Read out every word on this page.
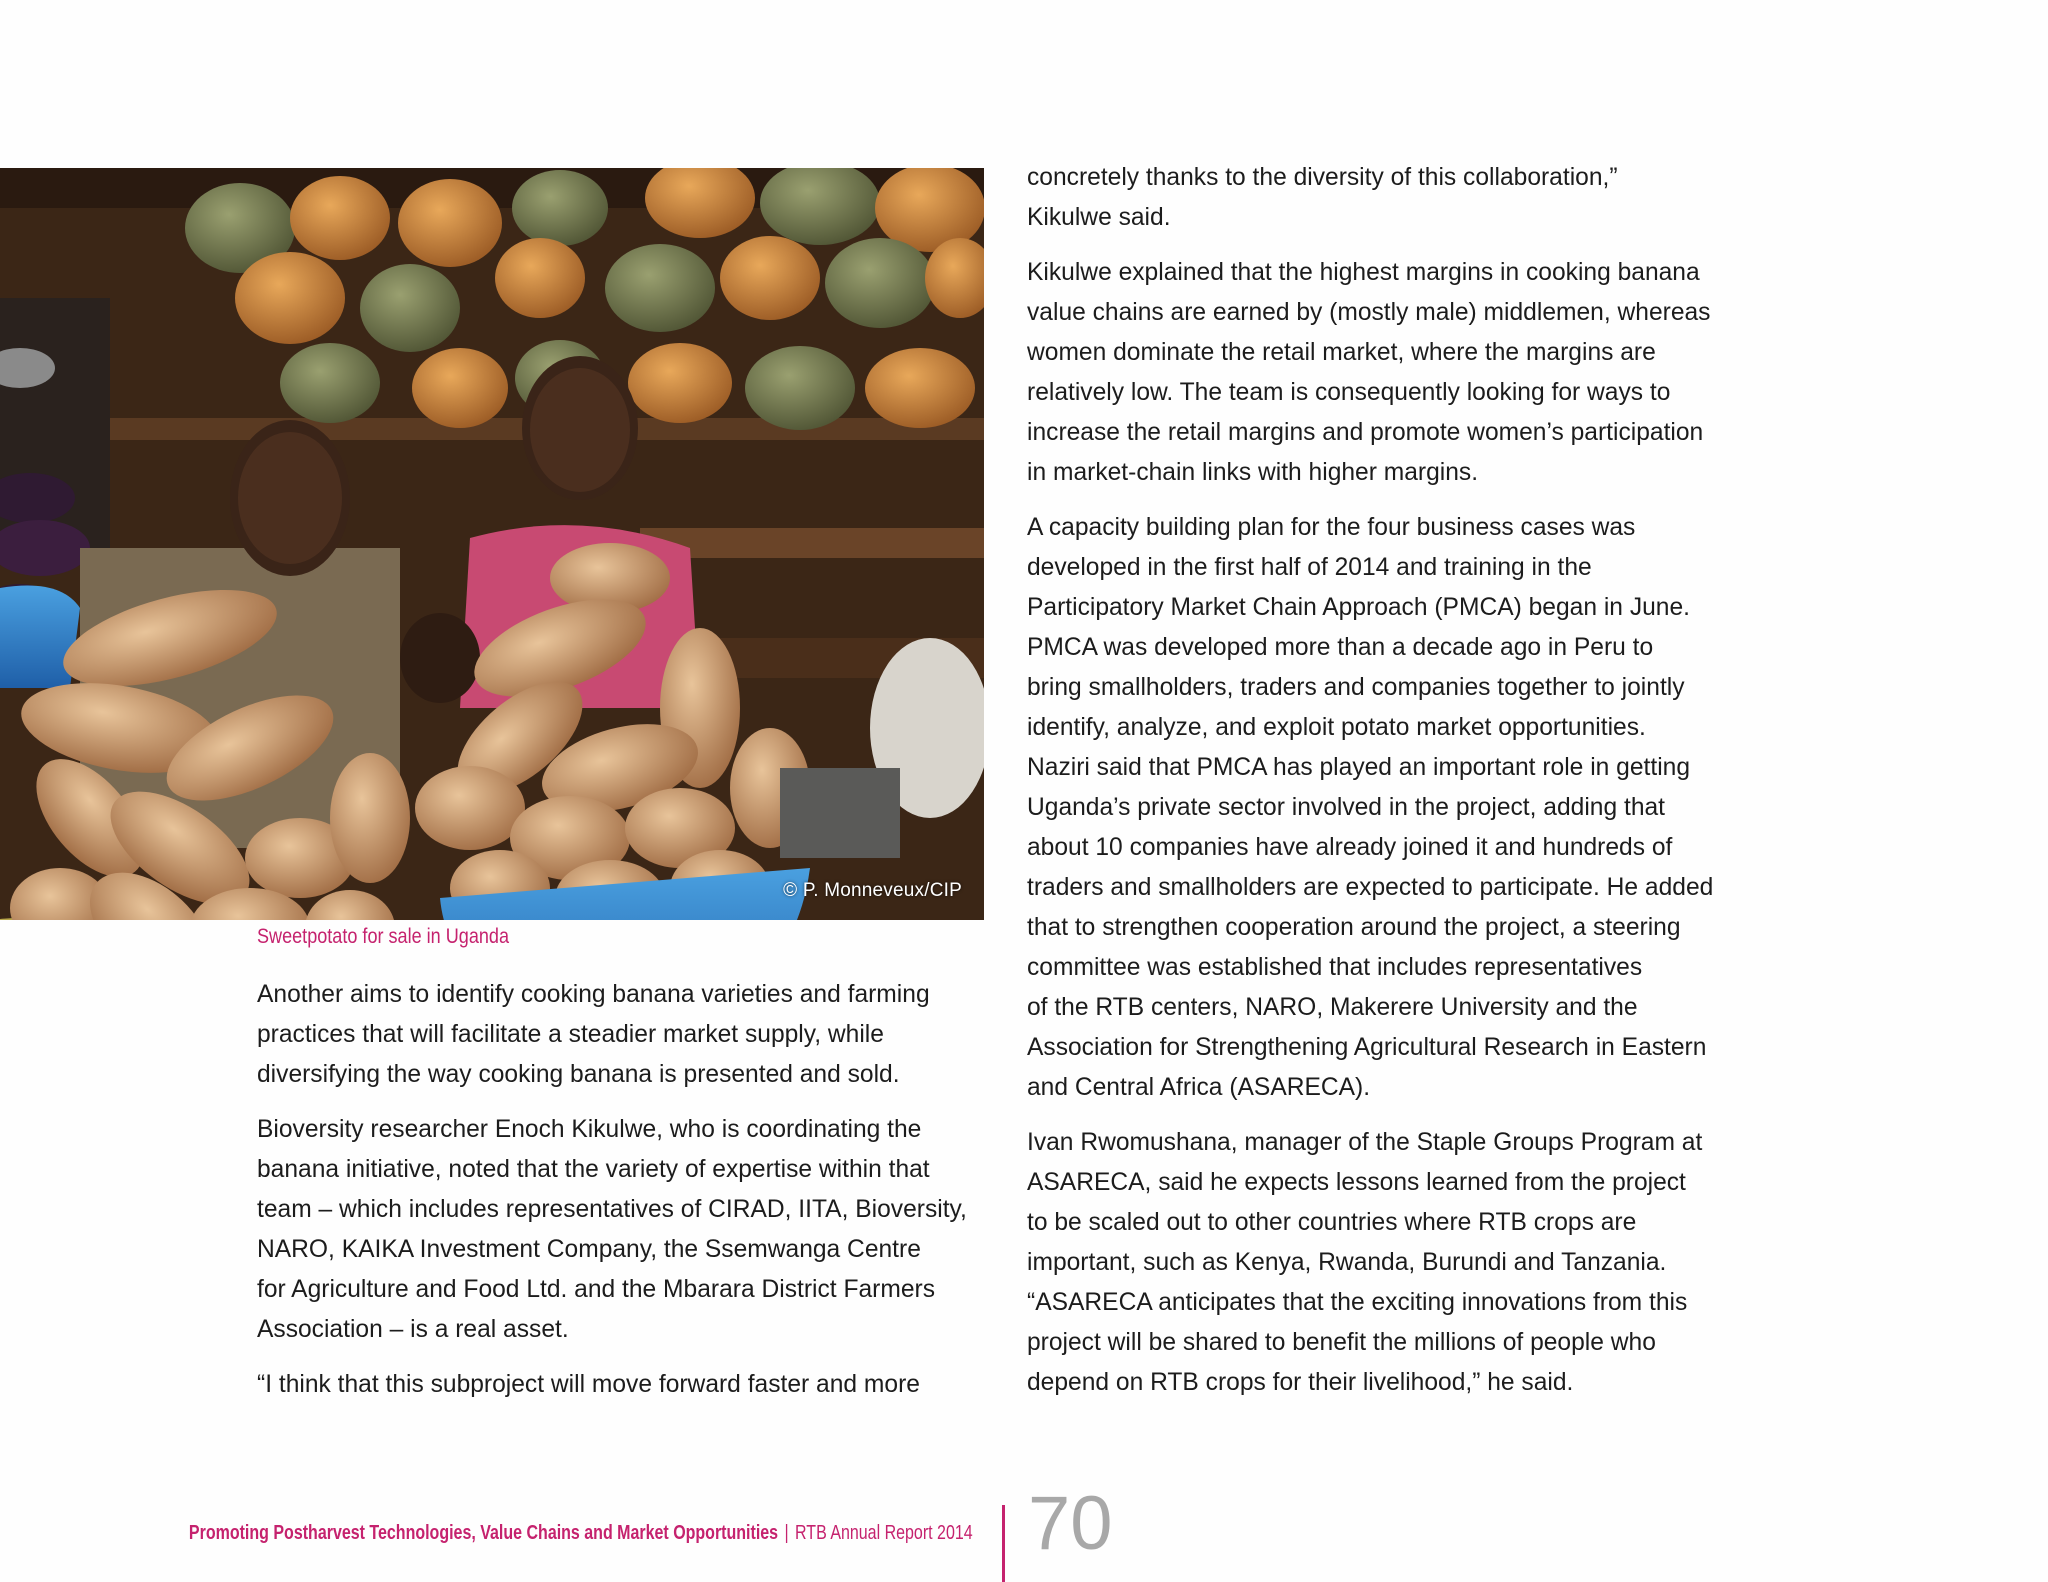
© P. Monneveux/CIP
Sweetpotato for sale in Uganda

Another aims to identify cooking banana varieties and farming
practices that will facilitate a steadier market supply, while
diversifying the way cooking banana is presented and sold.

Bioversity researcher Enoch Kikulwe, who is coordinating the
banana initiative, noted that the variety of expertise within that
team – which includes representatives of CIRAD, IITA, Bioversity,
NARO, KAIKA Investment Company, the Ssemwanga Centre
for Agriculture and Food Ltd. and the Mbarara District Farmers
Association – is a real asset.

“I think that this subproject will move forward faster and more

concretely thanks to the diversity of this collaboration,”
Kikulwe said.

Kikulwe explained that the highest margins in cooking banana
value chains are earned by (mostly male) middlemen, whereas
women dominate the retail market, where the margins are
relatively low. The team is consequently looking for ways to
increase the retail margins and promote women’s participation
in market-chain links with higher margins.

A capacity building plan for the four business cases was
developed in the first half of 2014 and training in the
Participatory Market Chain Approach (PMCA) began in June.
PMCA was developed more than a decade ago in Peru to
bring smallholders, traders and companies together to jointly
identify, analyze, and exploit potato market opportunities.
Naziri said that PMCA has played an important role in getting
Uganda’s private sector involved in the project, adding that
about 10 companies have already joined it and hundreds of
traders and smallholders are expected to participate. He added
that to strengthen cooperation around the project, a steering
committee was established that includes representatives
of the RTB centers, NARO, Makerere University and the
Association for Strengthening Agricultural Research in Eastern
and Central Africa (ASARECA).

Ivan Rwomushana, manager of the Staple Groups Program at
ASARECA, said he expects lessons learned from the project
to be scaled out to other countries where RTB crops are
important, such as Kenya, Rwanda, Burundi and Tanzania.
“ASARECA anticipates that the exciting innovations from this
project will be shared to benefit the millions of people who
depend on RTB crops for their livelihood,” he said.

Promoting Postharvest Technologies, Value Chains and Market Opportunities | RTB Annual Report 2014 70
